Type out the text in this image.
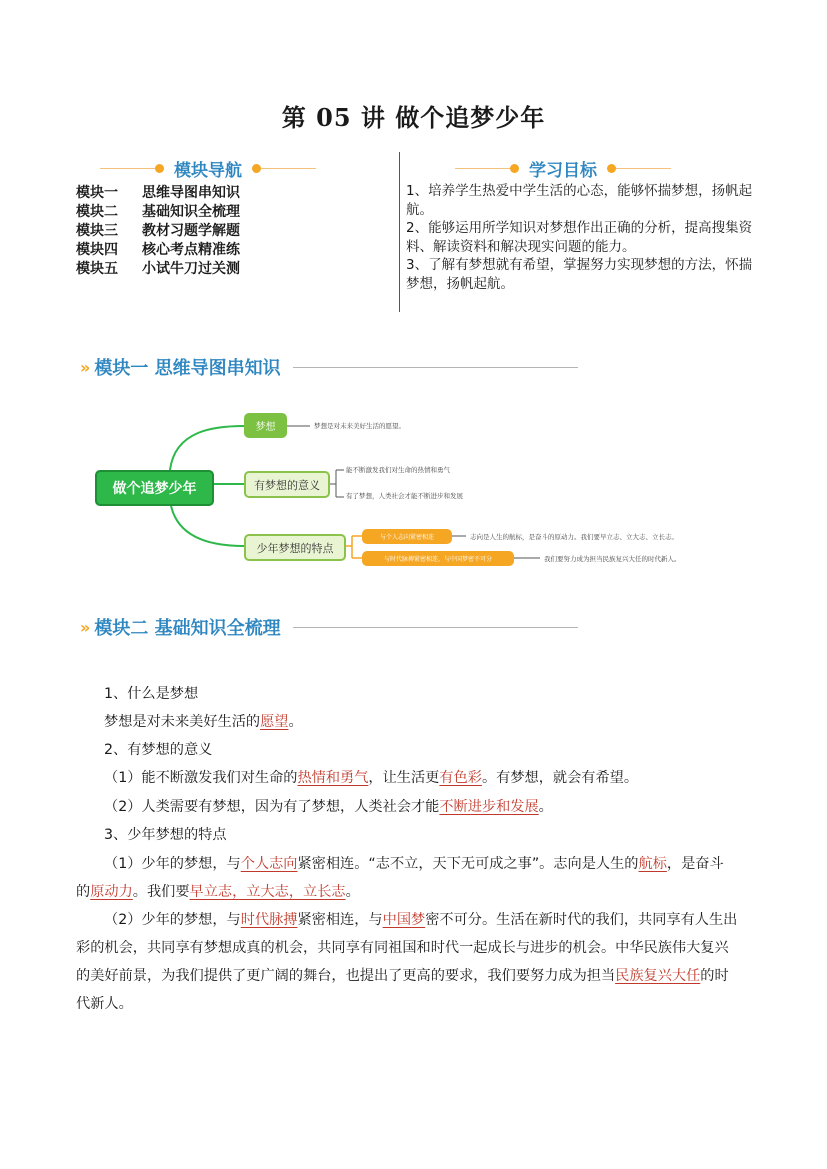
第 05 讲 做个追梦少年
模块导航
模块一	思维导图串知识
模块二	基础知识全梳理
模块三	教材习题学解题
模块四	核心考点精准练
模块五	小试牛刀过关测
学习目标
1、培养学生热爱中学生活的心态，能够怀揣梦想，扬帆起航。
2、能够运用所学知识对梦想作出正确的分析，提高搜集资料、解读资料和解决现实问题的能力。
3、了解有梦想就有希望，掌握努力实现梦想的方法，怀揣梦想，扬帆起航。
» 模块一 思维导图串知识
做个追梦少年
梦想	梦想是对未来美好生活的愿望。
有梦想的意义
能不断激发我们对生命的热情和勇气
有了梦想，人类社会才能不断进步和发展
少年梦想的特点
与个人志向紧密相连	志向是人生的航标，是奋斗的原动力。我们要早立志、立大志、立长志。
与时代脉搏紧密相连，与中国梦密不可分	我们要努力成为担当民族复兴大任的时代新人。
» 模块二 基础知识全梳理
1、什么是梦想
梦想是对未来美好生活的愿望。
2、有梦想的意义
（1）能不断激发我们对生命的热情和勇气，让生活更有色彩。有梦想，就会有希望。
（2）人类需要有梦想，因为有了梦想，人类社会才能不断进步和发展。
3、少年梦想的特点
（1）少年的梦想，与个人志向紧密相连。“志不立，天下无可成之事”。志向是人生的航标，是奋斗
的原动力。我们要早立志，立大志，立长志。
（2）少年的梦想，与时代脉搏紧密相连，与中国梦密不可分。生活在新时代的我们，共同享有人生出
彩的机会，共同享有梦想成真的机会，共同享有同祖国和时代一起成长与进步的机会。中华民族伟大复兴
的美好前景，为我们提供了更广阔的舞台，也提出了更高的要求，我们要努力成为担当民族复兴大任的时
代新人。
